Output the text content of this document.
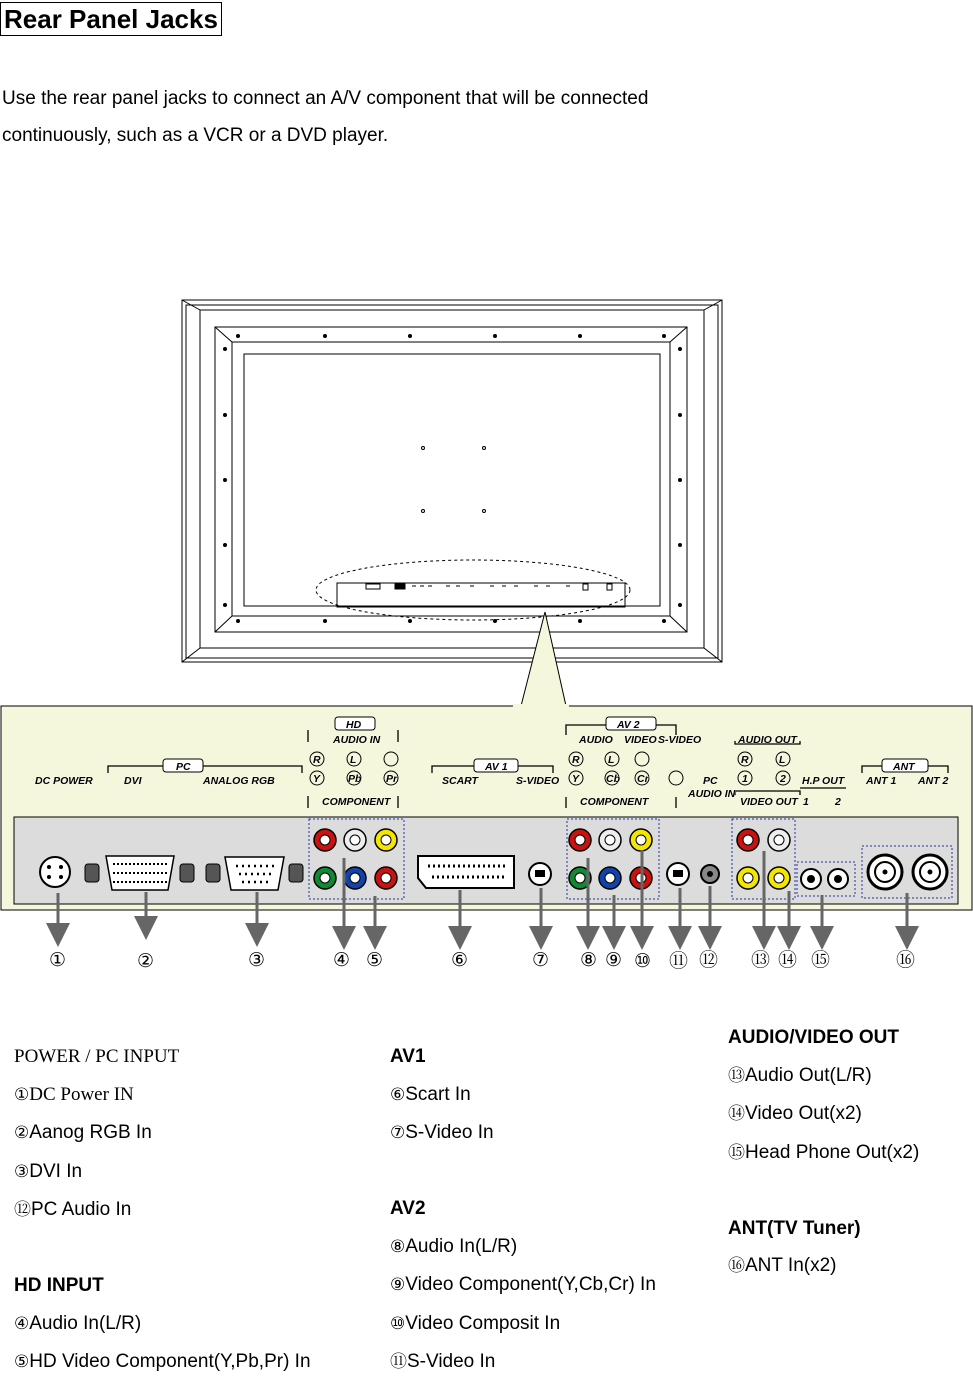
Rear Panel Jacks
Use the rear panel jacks to connect an A/V component that will be connected
continuously, such as a VCR or a DVD player.
DC POWER
PC
DVI	ANALOG RGB
HD
AUDIO IN
R	L
Y	Pb Pr
COMPONENT
AV 1
SCART	S-VIDEO
AV 2
AUDIO VIDEO S-VIDEO
R	L
Y	Cb Cr
COMPONENT
PC
AUDIO IN
AUDIO OUT
R	L
1	2
VIDEO OUT
H.P OUT
1 2
ANT
ANT 1 ANT 2
①	②	③	④ ⑤	⑥	⑦ ⑧ ⑨ ⑩ ⑪ ⑫ ⑬ ⑭ ⑮	⑯
POWER / PC INPUT
①DC Power IN
②Aanog RGB In
③DVI In
⑫PC Audio In
HD INPUT
④Audio In(L/R)
⑤HD Video Component(Y,Pb,Pr) In
AV1
⑥Scart In
⑦S-Video In
AV2
⑧Audio In(L/R)
⑨Video Component(Y,Cb,Cr) In
⑩Video Composit In
⑪S-Video In
AUDIO/VIDEO OUT
⑬Audio Out(L/R)
⑭Video Out(x2)
⑮Head Phone Out(x2)
ANT(TV Tuner)
⑯ANT In(x2)
